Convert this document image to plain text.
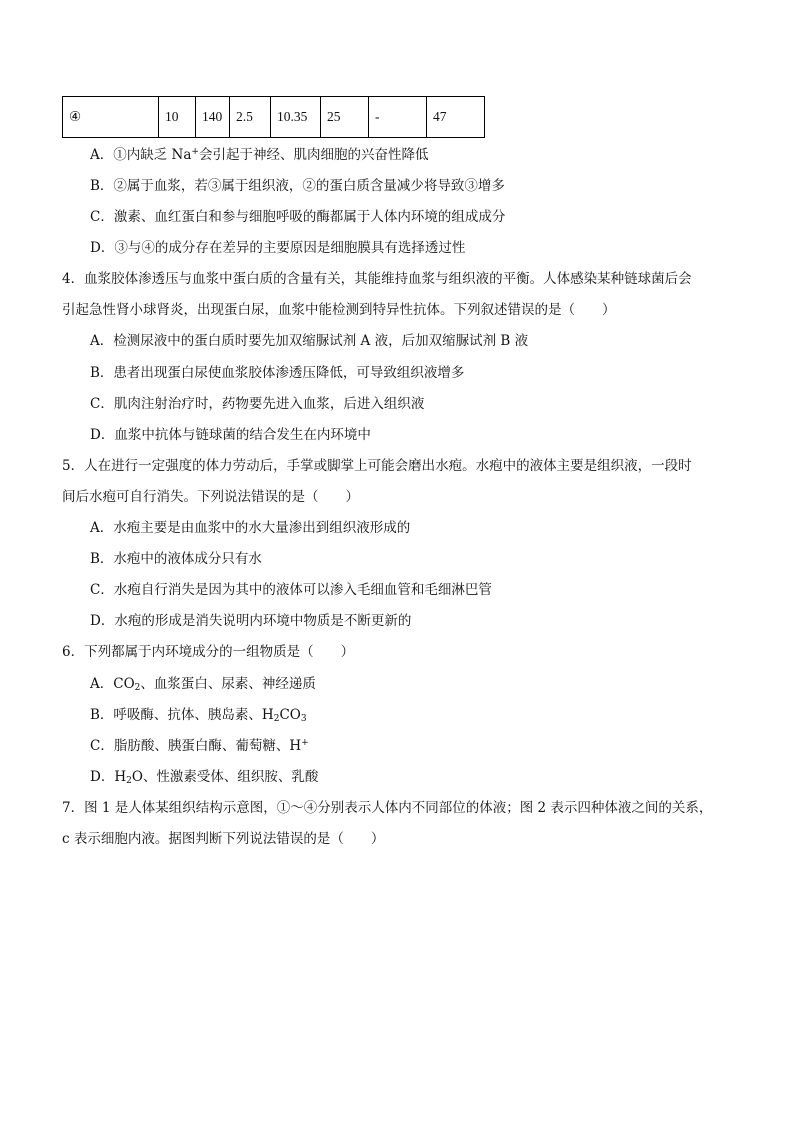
④	10	140	2.5	10.35	25	-	47
A．①内缺乏 Na+会引起于神经、肌肉细胞的兴奋性降低
B．②属于血浆，若③属于组织液，②的蛋白质含量减少将导致③增多
C．激素、血红蛋白和参与细胞呼吸的酶都属于人体内环境的组成成分
D．③与④的成分存在差异的主要原因是细胞膜具有选择透过性
4．血浆胶体渗透压与血浆中蛋白质的含量有关，其能维持血浆与组织液的平衡。人体感染某种链球菌后会
引起急性肾小球肾炎，出现蛋白尿，血浆中能检测到特异性抗体。下列叙述错误的是（　　）
A．检测尿液中的蛋白质时要先加双缩脲试剂 A 液，后加双缩脲试剂 B 液
B．患者出现蛋白尿使血浆胶体渗透压降低，可导致组织液增多
C．肌肉注射治疗时，药物要先进入血浆，后进入组织液
D．血浆中抗体与链球菌的结合发生在内环境中
5．人在进行一定强度的体力劳动后，手掌或脚掌上可能会磨出水疱。水疱中的液体主要是组织液，一段时
间后水疱可自行消失。下列说法错误的是（　　）
A．水疱主要是由血浆中的水大量渗出到组织液形成的
B．水疱中的液体成分只有水
C．水疱自行消失是因为其中的液体可以渗入毛细血管和毛细淋巴管
D．水疱的形成是消失说明内环境中物质是不断更新的
6．下列都属于内环境成分的一组物质是（　　）
A．$CO_2$、血浆蛋白、尿素、神经递质
B．呼吸酶、抗体、胰岛素、$H_2CO_3$
C．脂肪酸、胰蛋白酶、葡萄糖、H+
D．$H_2O$、性激素受体、组织胺、乳酸
7．图 1 是人体某组织结构示意图，①～④分别表示人体内不同部位的体液；图 2 表示四种体液之间的关系，
c 表示细胞内液。据图判断下列说法错误的是（　　）
